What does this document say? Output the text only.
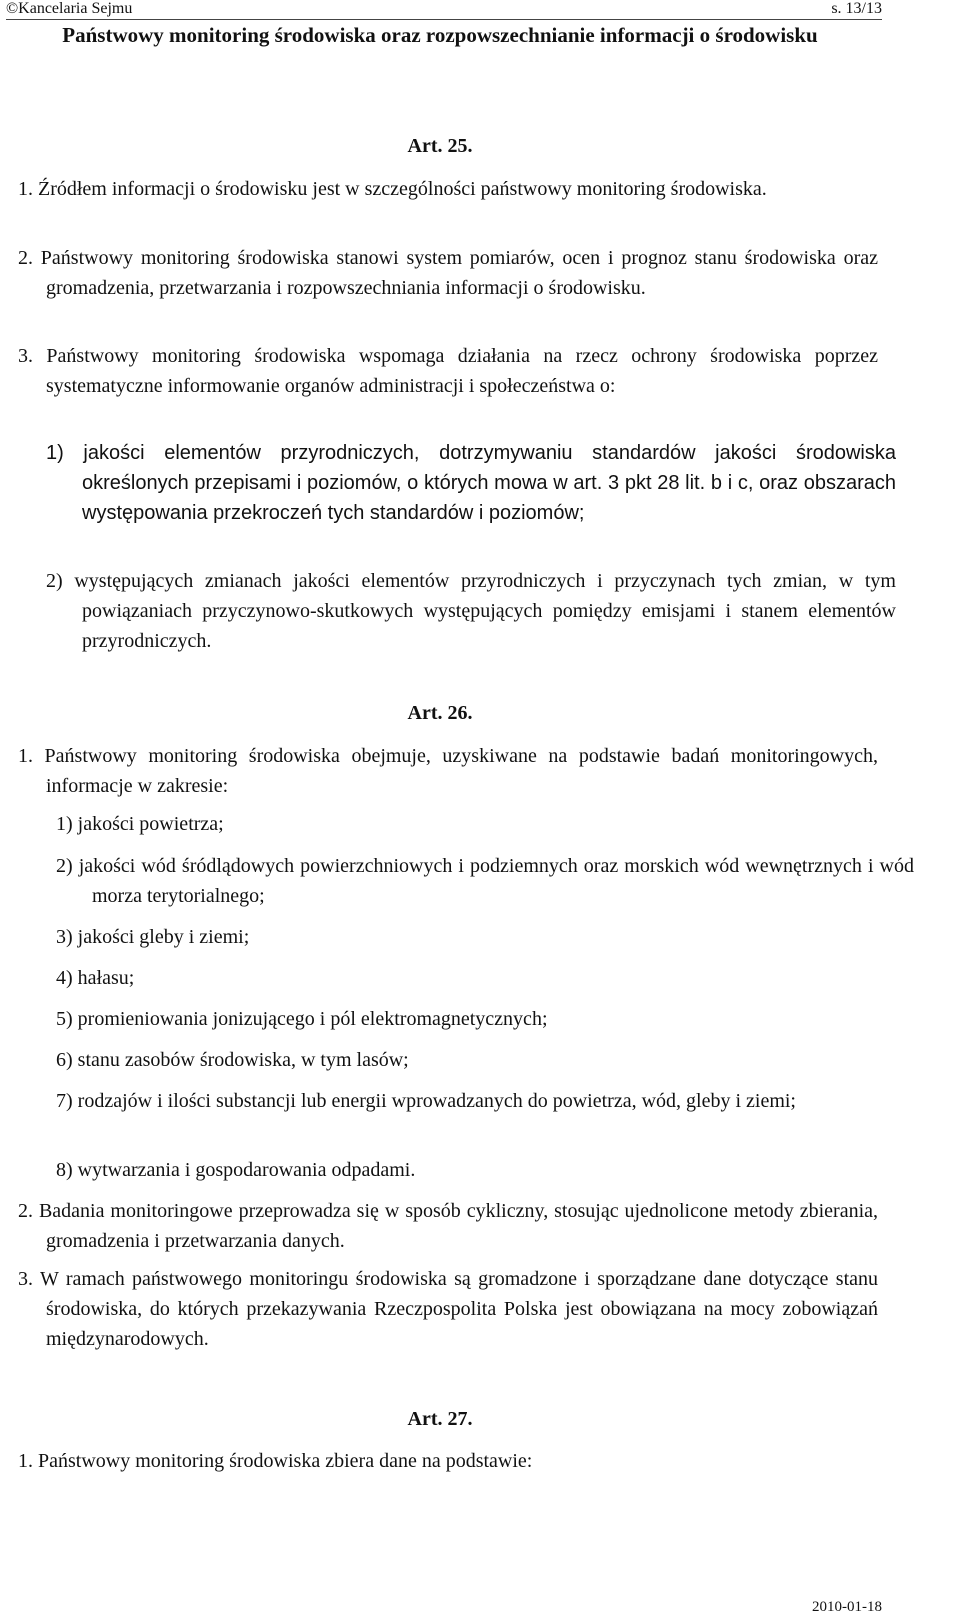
©Kancelaria Sejmu	s. 13/13
Państwowy monitoring środowiska oraz rozpowszechnianie informacji o środowisku
Art. 25.
1. Źródłem informacji o środowisku jest w szczególności państwowy monitoring środowiska.
2. Państwowy monitoring środowiska stanowi system pomiarów, ocen i prognoz stanu środowiska oraz gromadzenia, przetwarzania i rozpowszechniania informacji o środowisku.
3. Państwowy monitoring środowiska wspomaga działania na rzecz ochrony środowiska poprzez systematyczne informowanie organów administracji i społeczeństwa o:
1) jakości elementów przyrodniczych, dotrzymywaniu standardów jakości środowiska określonych przepisami i poziomów, o których mowa w art. 3 pkt 28 lit. b i c, oraz obszarach występowania przekroczeń tych standardów i poziomów;
2) występujących zmianach jakości elementów przyrodniczych i przyczynach tych zmian, w tym powiązaniach przyczynowo-skutkowych występujących pomiędzy emisjami i stanem elementów przyrodniczych.
Art. 26.
1. Państwowy monitoring środowiska obejmuje, uzyskiwane na podstawie badań monitoringowych, informacje w zakresie:
1) jakości powietrza;
2) jakości wód śródlądowych powierzchniowych i podziemnych oraz morskich wód wewnętrznych i wód morza terytorialnego;
3) jakości gleby i ziemi;
4) hałasu;
5) promieniowania jonizującego i pól elektromagnetycznych;
6) stanu zasobów środowiska, w tym lasów;
7) rodzajów i ilości substancji lub energii wprowadzanych do powietrza, wód, gleby i ziemi;
8) wytwarzania i gospodarowania odpadami.
2. Badania monitoringowe przeprowadza się w sposób cykliczny, stosując ujednolicone metody zbierania, gromadzenia i przetwarzania danych.
3. W ramach państwowego monitoringu środowiska są gromadzone i sporządzane dane dotyczące stanu środowiska, do których przekazywania Rzeczpospolita Polska jest obowiązana na mocy zobowiązań międzynarodowych.
Art. 27.
1. Państwowy monitoring środowiska zbiera dane na podstawie:
2010-01-18
